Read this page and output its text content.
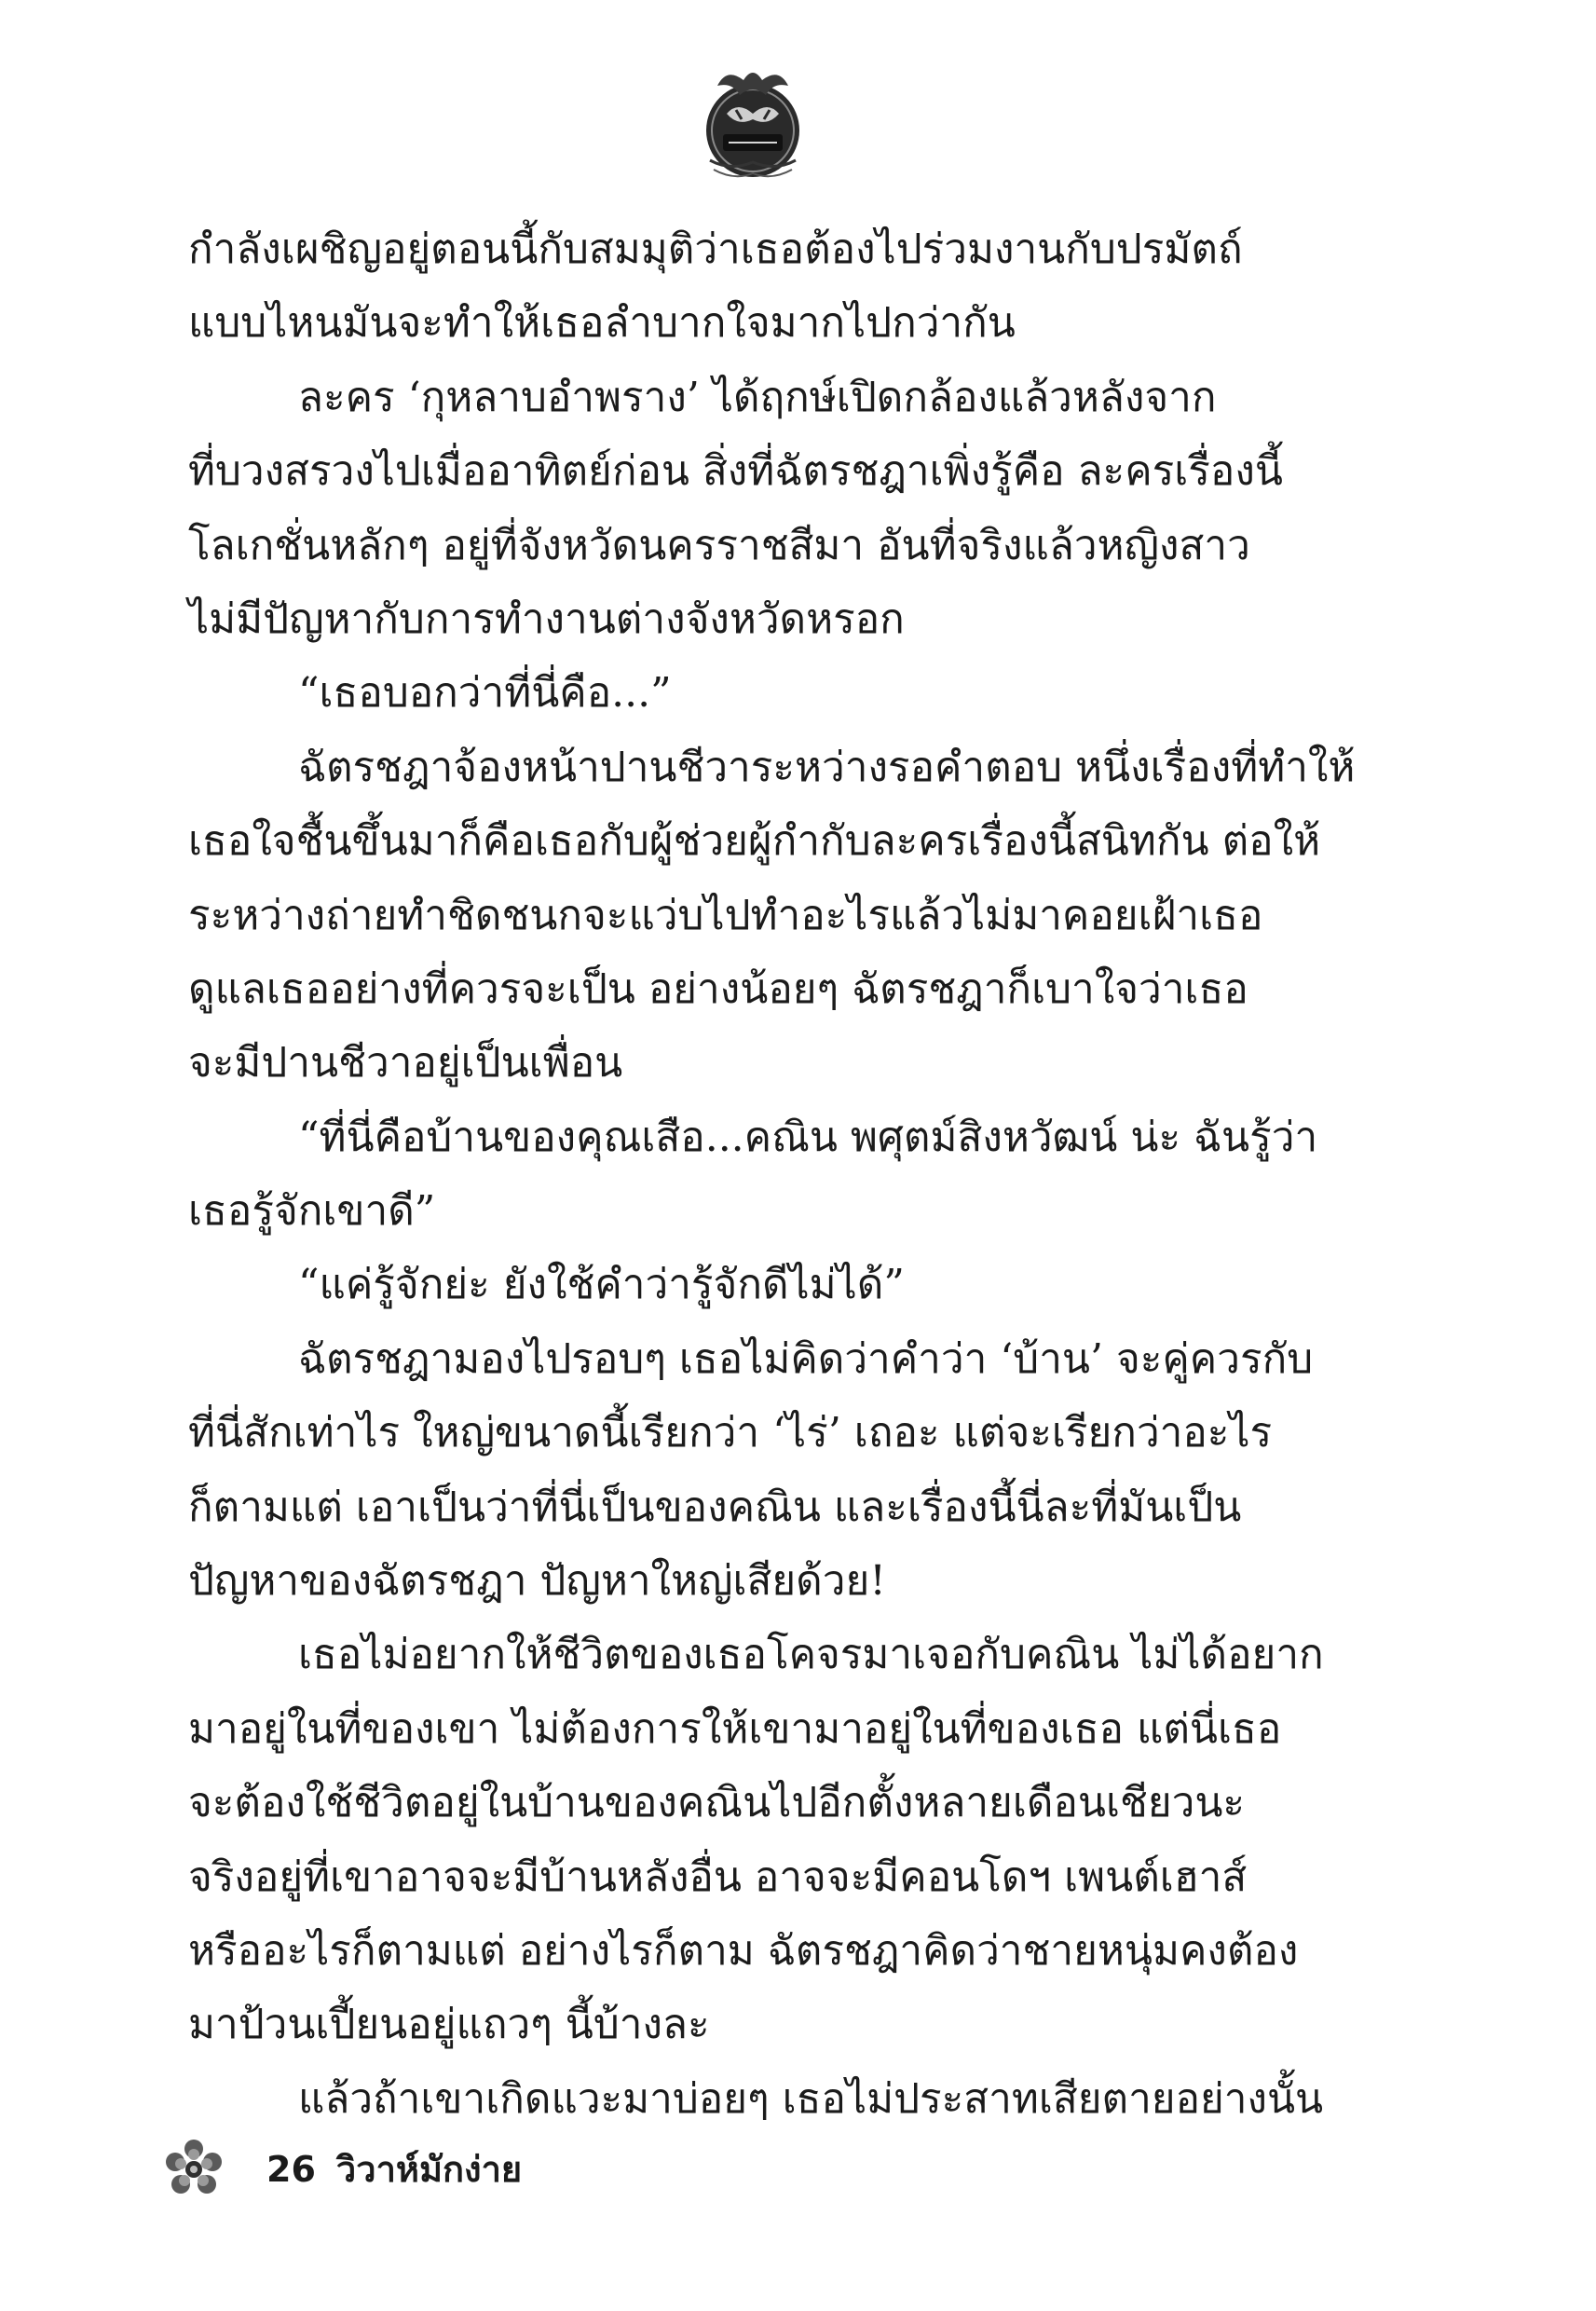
กำลังเผชิญอยู่ตอนนี้กับสมมุติว่าเธอต้องไปร่วมงานกับปรมัตถ์
แบบไหนมันจะทำให้เธอลำบากใจมากไปกว่ากัน
ละคร ‘กุหลาบอำพราง’ ได้ฤกษ์เปิดกล้องแล้วหลังจาก
ที่บวงสรวงไปเมื่ออาทิตย์ก่อน สิ่งที่ฉัตรชฎาเพิ่งรู้คือ ละครเรื่องนี้
โลเกชั่นหลักๆ อยู่ที่จังหวัดนครราชสีมา อันที่จริงแล้วหญิงสาว
ไม่มีปัญหากับการทำงานต่างจังหวัดหรอก
“เธอบอกว่าที่นี่คือ...”
ฉัตรชฎาจ้องหน้าปานชีวาระหว่างรอคำตอบ หนึ่งเรื่องที่ทำให้
เธอใจชื้นขึ้นมาก็คือเธอกับผู้ช่วยผู้กำกับละครเรื่องนี้สนิทกัน ต่อให้
ระหว่างถ่ายทำชิดชนกจะแว่บไปทำอะไรแล้วไม่มาคอยเฝ้าเธอ
ดูแลเธออย่างที่ควรจะเป็น อย่างน้อยๆ ฉัตรชฎาก็เบาใจว่าเธอ
จะมีปานชีวาอยู่เป็นเพื่อน
“ที่นี่คือบ้านของคุณเสือ...คณิน พศุตม์สิงหวัฒน์ น่ะ ฉันรู้ว่า
เธอรู้จักเขาดี”
“แค่รู้จักย่ะ ยังใช้คำว่ารู้จักดีไม่ได้”
ฉัตรชฎามองไปรอบๆ เธอไม่คิดว่าคำว่า ‘บ้าน’ จะคู่ควรกับ
ที่นี่สักเท่าไร ใหญ่ขนาดนี้เรียกว่า ‘ไร่’ เถอะ แต่จะเรียกว่าอะไร
ก็ตามแต่ เอาเป็นว่าที่นี่เป็นของคณิน และเรื่องนี้นี่ละที่มันเป็น
ปัญหาของฉัตรชฎา ปัญหาใหญ่เสียด้วย!
เธอไม่อยากให้ชีวิตของเธอโคจรมาเจอกับคณิน ไม่ได้อยาก
มาอยู่ในที่ของเขา ไม่ต้องการให้เขามาอยู่ในที่ของเธอ แต่นี่เธอ
จะต้องใช้ชีวิตอยู่ในบ้านของคณินไปอีกตั้งหลายเดือนเชียวนะ
จริงอยู่ที่เขาอาจจะมีบ้านหลังอื่น อาจจะมีคอนโดฯ เพนต์เฮาส์
หรืออะไรก็ตามแต่ อย่างไรก็ตาม ฉัตรชฎาคิดว่าชายหนุ่มคงต้อง
มาป้วนเปี้ยนอยู่แถวๆ นี้บ้างละ
แล้วถ้าเขาเกิดแวะมาบ่อยๆ เธอไม่ประสาทเสียตายอย่างนั้น
26 วิวาห์มักง่าย
